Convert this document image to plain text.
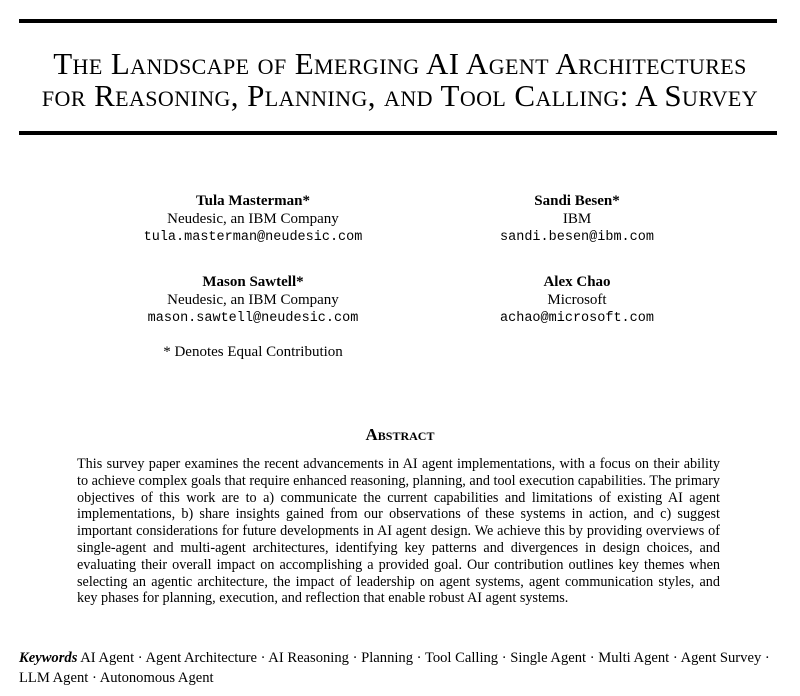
The Landscape of Emerging AI Agent Architectures
for Reasoning, Planning, and Tool Calling: A Survey
Tula Masterman*
Neudesic, an IBM Company
tula.masterman@neudesic.com
Sandi Besen*
IBM
sandi.besen@ibm.com
Mason Sawtell*
Neudesic, an IBM Company
mason.sawtell@neudesic.com
Alex Chao
Microsoft
achao@microsoft.com
* Denotes Equal Contribution
Abstract

This survey paper examines the recent advancements in AI agent implementations, with a focus on their ability to achieve complex goals that require enhanced reasoning, planning, and tool execution capabilities. The primary objectives of this work are to a) communicate the current capabilities and limitations of existing AI agent implementations, b) share insights gained from our observations of these systems in action, and c) suggest important considerations for future developments in AI agent design. We achieve this by providing overviews of single-agent and multi-agent architectures, identifying key patterns and divergences in design choices, and evaluating their overall impact on accomplishing a provided goal. Our contribution outlines key themes when selecting an agentic architecture, the impact of leadership on agent systems, agent communication styles, and key phases for planning, execution, and reflection that enable robust AI agent systems.

Keywords AI Agent · Agent Architecture · AI Reasoning · Planning · Tool Calling · Single Agent · Multi Agent · Agent Survey · LLM Agent · Autonomous Agent
